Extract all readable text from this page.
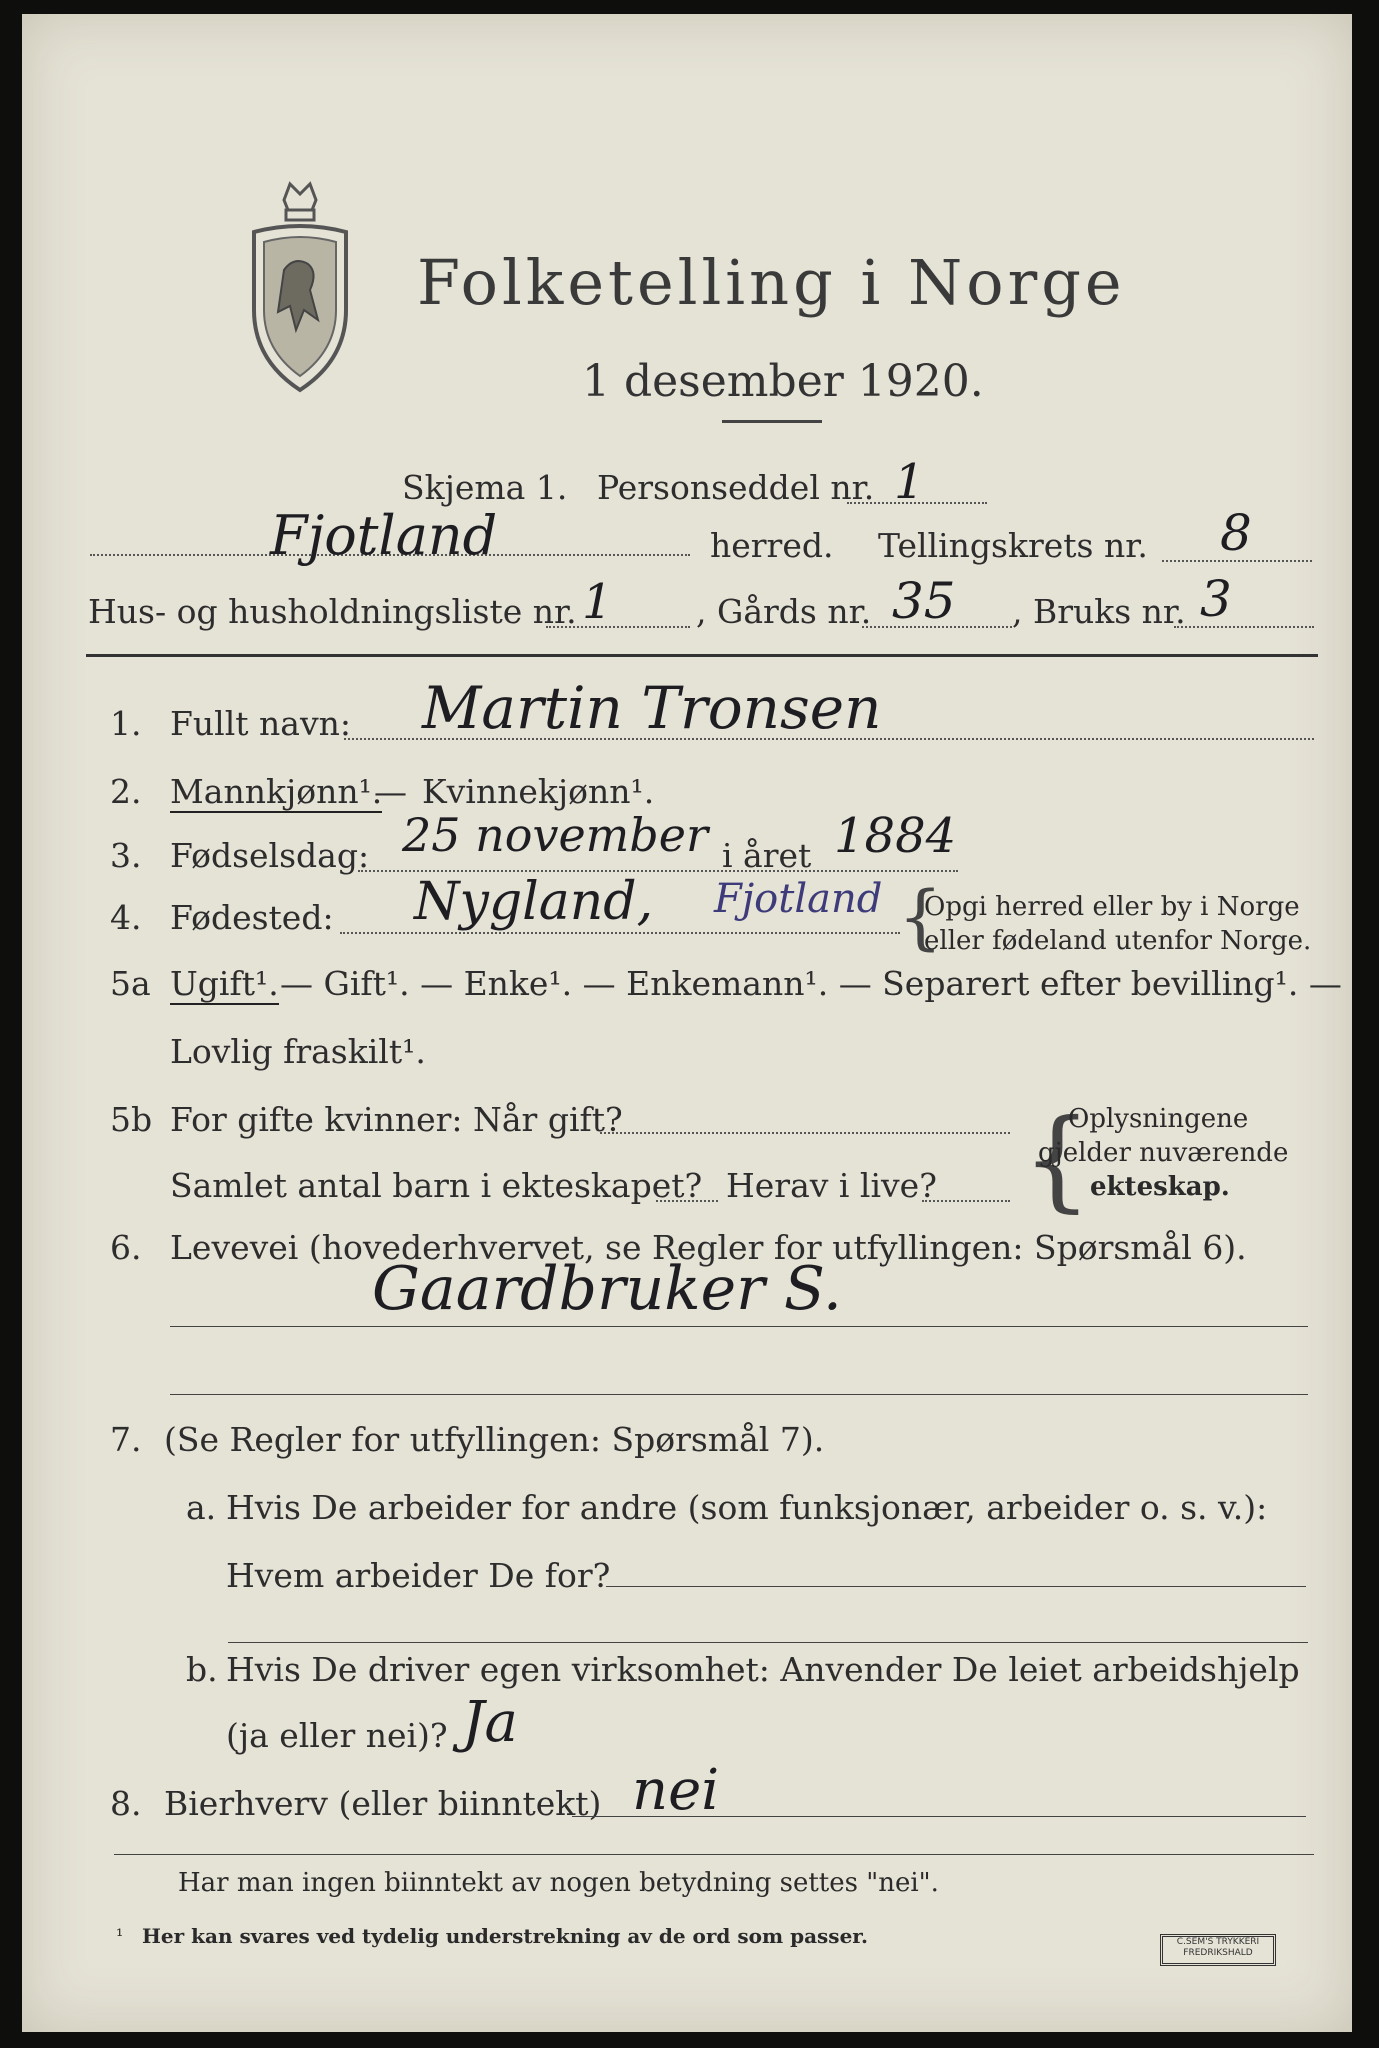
Folketelling i Norge
1 desember 1920.
Skjema 1. Personseddel nr. 1
Fjotland	herred. Tellingskrets nr. 8
Hus- og husholdningsliste nr. 1	, Gårds nr. 35 , Bruks nr. 3
1. Fullt navn: Martin Tronsen
2. Mannkjønn¹.
— Kvinnekjønn¹.
3. Fødselsdag: 25 november i året 1884
4. Fødested: Nygland, Fjotland {
Opgi herred eller by i Norge
eller fødeland utenfor Norge.
5a Ugift¹. — Gift¹. — Enke¹. — Enkemann¹. — Separert efter bevilling¹. —
Lovlig fraskilt¹.
5b For gifte kvinner: Når gift?
Samlet antal barn i ekteskapet? Herav i live? {
Oplysningene
gjelder nuværende
ekteskap.
6. Levevei (hovederhvervet, se Regler for utfyllingen: Spørsmål 6).
Gaardbruker S.
7. (Se Regler for utfyllingen: Spørsmål 7).
a. Hvis De arbeider for andre (som funksjonær, arbeider o. s. v.):
Hvem arbeider De for?
b. Hvis De driver egen virksomhet: Anvender De leiet arbeidshjelp
(ja eller nei)? Ja
8. Bierhverv (eller biinntekt) nei
Har man ingen biinntekt av nogen betydning settes "nei".
¹ Her kan svares ved tydelig understrekning av de ord som passer.	C.SEM'S TRYKKERI
FREDRIKSHALD
